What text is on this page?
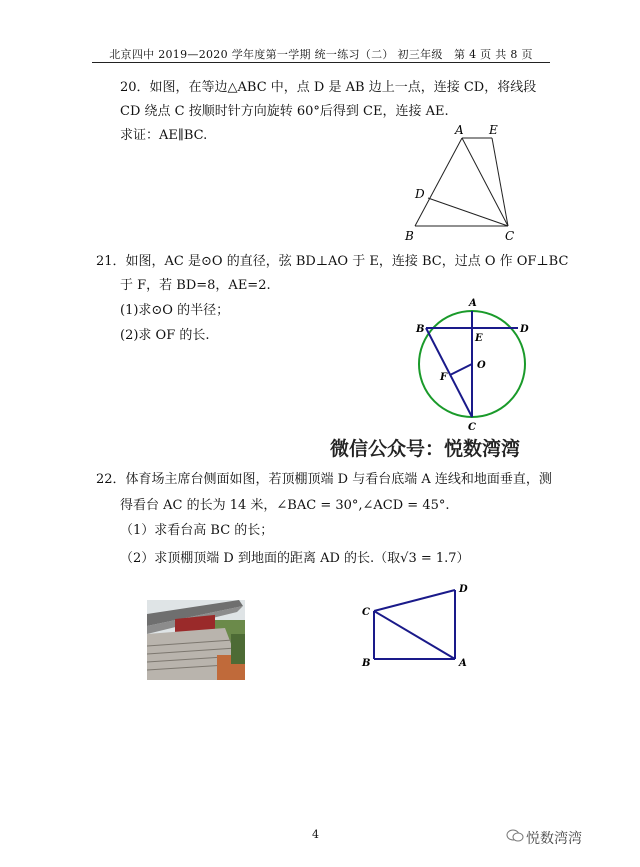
北京四中 2019—2020 学年度第一学期 统一练习（二） 初三年级　第 4 页 共 8 页
20．如图，在等边△ABC 中，点 D 是 AB 边上一点，连接 CD，将线段
CD 绕点 C 按顺时针方向旋转 60°后得到 CE，连接 AE.
求证：AE∥BC.	A E
D
B	C
21．如图，AC 是⊙O 的直径，弦 BD⊥AO 于 E，连接 BC，过点 O 作 OF⊥BC
于 F，若 BD=8，AE=2.
(1)求⊙O 的半径；
(2)求 OF 的长.
A
B	D
E
O
F
C
微信公众号：悦数湾湾
22．体育场主席台侧面如图，若顶棚顶端 D 与看台底端 A 连线和地面垂直，测
得看台 AC 的长为 14 米，∠BAC = 30°,∠ACD = 45°.
（1）求看台高 BC 的长；
（2）求顶棚顶端 D 到地面的距离 AD 的长.（取√3 = 1.7）
C
D
B	A
4	悦数湾湾
